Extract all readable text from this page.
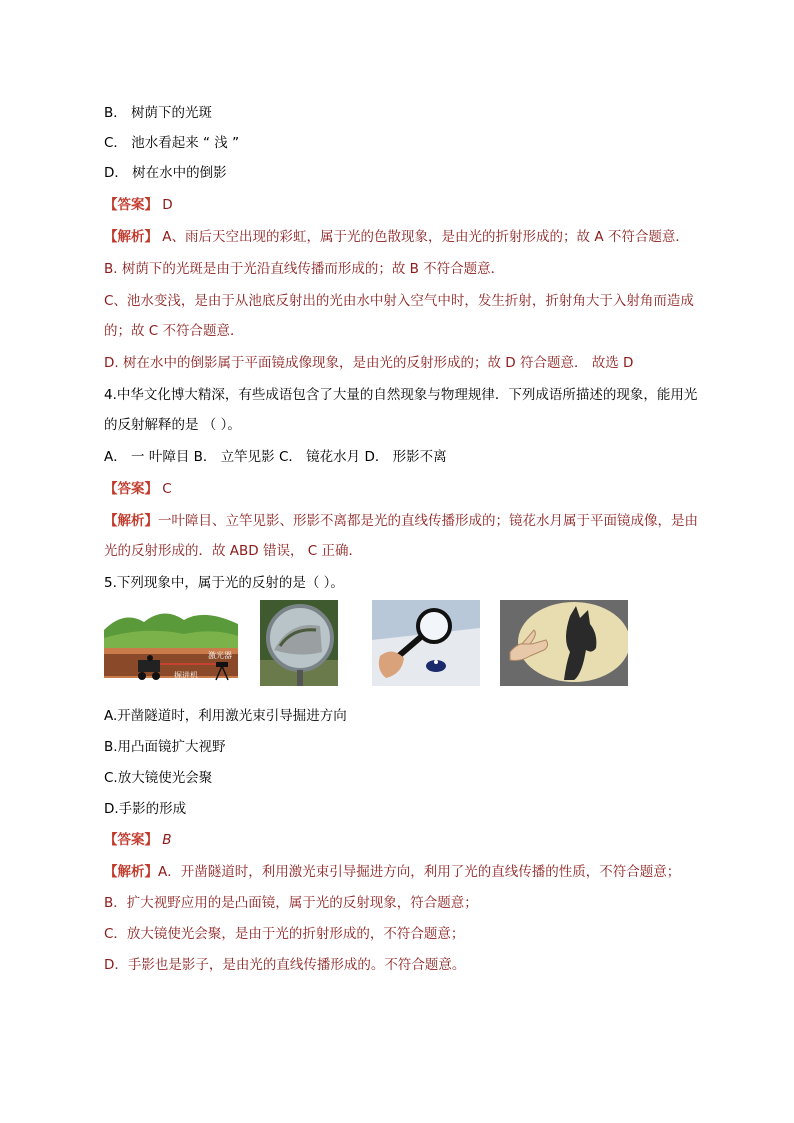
B． 树荫下的光斑
C． 池水看起来 “ 浅 ”
D． 树在水中的倒影
【答案】 D
【解析】 A、雨后天空出现的彩虹，属于光的色散现象，是由光的折射形成的；故 A 不符合题意．
B. 树荫下的光斑是由于光沿直线传播而形成的；故 B 不符合题意．
C、池水变浅，是由于从池底反射出的光由水中射入空气中时，发生折射，折射角大于入射角而造成
的；故 C 不符合题意．
D. 树在水中的倒影属于平面镜成像现象，是由光的反射形成的；故 D 符合题意． 故选 D
4.中华文化博大精深，有些成语包含了大量的自然现象与物理规律．下列成语所描述的现象，能用光
的反射解释的是 （ ）。
A． 一 叶障目 B． 立竿见影 C． 镜花水月 D． 形影不离
【答案】 C
【解析】一叶障目、立竿见影、形影不离都是光的直线传播形成的；镜花水月属于平面镜成像，是由
光的反射形成的．故 ABD 错误， C 正确．
5.下列现象中，属于光的反射的是（ ）。
激光器
掘进机
A.开凿隧道时，利用激光束引导掘进方向
B.用凸面镜扩大视野
C.放大镜使光会聚
D.手影的形成
【答案】 B
【解析】A．开凿隧道时，利用激光束引导掘进方向，利用了光的直线传播的性质，不符合题意；
B．扩大视野应用的是凸面镜，属于光的反射现象，符合题意；
C．放大镜使光会聚，是由于光的折射形成的，不符合题意；
D．手影也是影子，是由光的直线传播形成的。不符合题意。
